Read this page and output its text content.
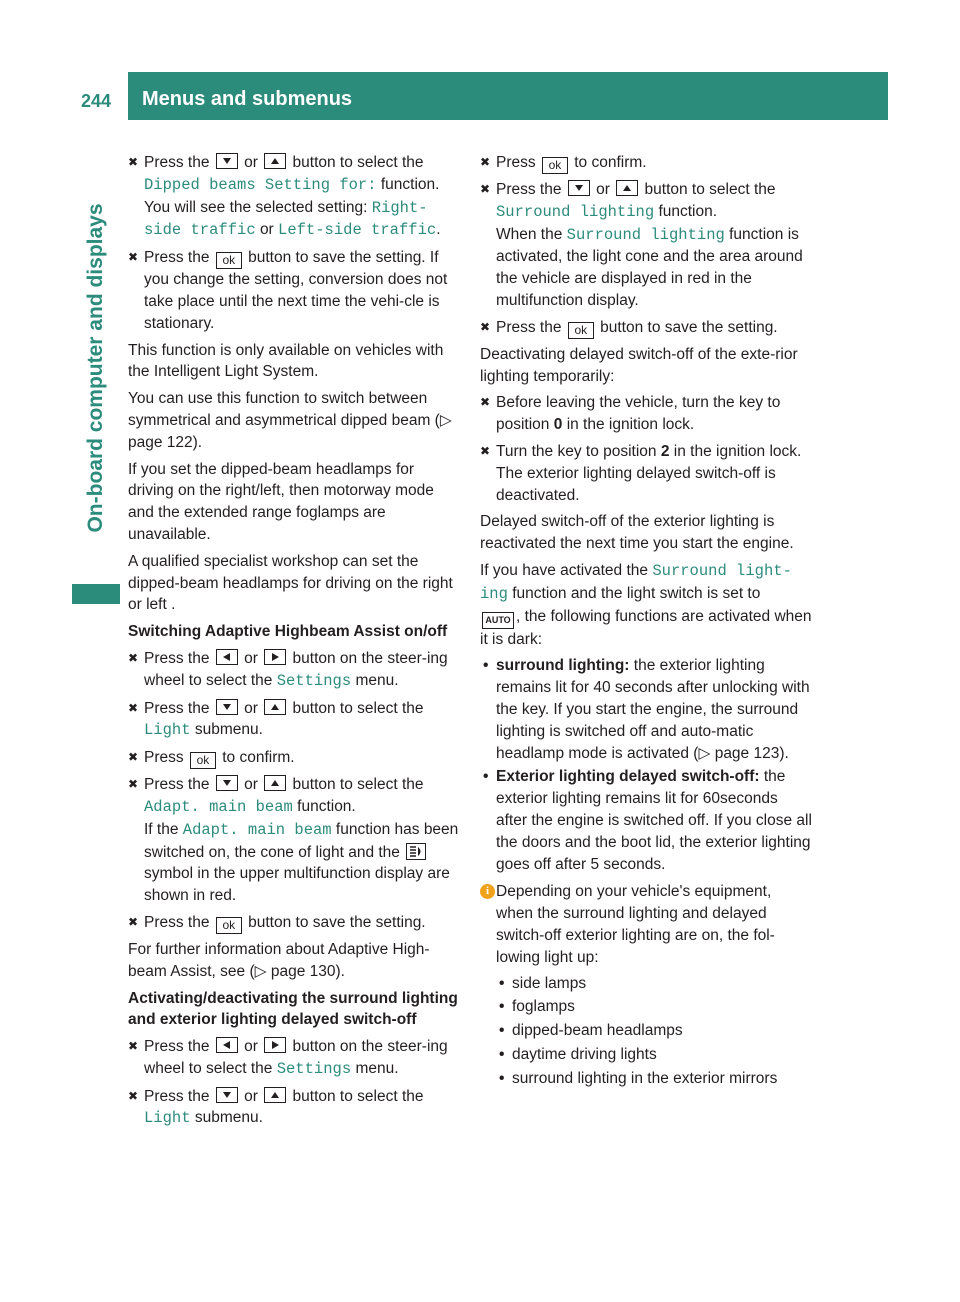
244	Menus and submenus
On-board computer and displays
✖ Press the or button to select the Dipped beams Setting for: function.
You will see the selected setting: Right-side traffic or Left-side traffic.
✖ Press the ok button to save the setting. If you change the setting, conversion does not take place until the next time the vehi-cle is stationary.
This function is only available on vehicles with the Intelligent Light System.
You can use this function to switch between symmetrical and asymmetrical dipped beam (▷ page 122).
If you set the dipped-beam headlamps for driving on the right/left, then motorway mode and the extended range foglamps are unavailable.
A qualified specialist workshop can set the dipped-beam headlamps for driving on the right or left .
Switching Adaptive Highbeam Assist on/off
✖ Press the or button on the steer-ing wheel to select the Settings menu.
✖ Press the or button to select the Light submenu.
✖ Press ok to confirm.
✖ Press the or button to select the Adapt. main beam function.
If the Adapt. main beam function has been switched on, the cone of light and the  symbol in the upper multifunction display are shown in red.
✖ Press the ok button to save the setting.
For further information about Adaptive High-beam Assist, see (▷ page 130).
Activating/deactivating the surround lighting and exterior lighting delayed switch-off
✖ Press the or button on the steer-ing wheel to select the Settings menu.
✖ Press the or button to select the Light submenu.
✖ Press ok to confirm.
✖ Press the or button to select the Surround lighting function.
When the Surround lighting function is activated, the light cone and the area around the vehicle are displayed in red in the multifunction display.
✖ Press the ok button to save the setting.
Deactivating delayed switch-off of the exte-rior lighting temporarily:
✖ Before leaving the vehicle, turn the key to position 0 in the ignition lock.
✖ Turn the key to position 2 in the ignition lock.
The exterior lighting delayed switch-off is deactivated.
Delayed switch-off of the exterior lighting is reactivated the next time you start the engine.
If you have activated the Surround light-ing function and the light switch is set to
AUTO , the following functions are activated when it is dark:
• surround lighting: the exterior lighting remains lit for 40 seconds after unlocking with the key. If you start the engine, the surround lighting is switched off and auto-matic headlamp mode is activated (▷ page 123).
• Exterior lighting delayed switch-off: the exterior lighting remains lit for 60seconds after the engine is switched off. If you close all the doors and the boot lid, the exterior lighting goes off after 5 seconds.
i Depending on your vehicle's equipment, when the surround lighting and delayed switch-off exterior lighting are on, the fol-lowing light up:
• side lamps
• foglamps
• dipped-beam headlamps
• daytime driving lights
• surround lighting in the exterior mirrors
